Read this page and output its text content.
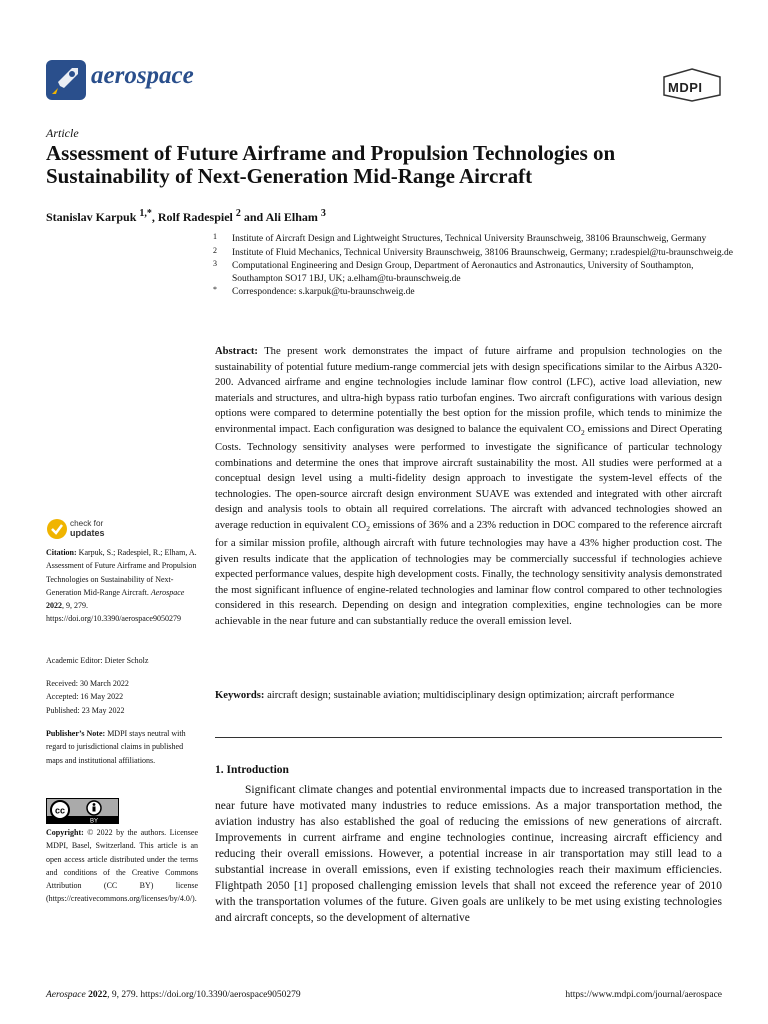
aerospace	MDPI
Article
Assessment of Future Airframe and Propulsion Technologies on Sustainability of Next-Generation Mid-Range Aircraft
Stanislav Karpuk $^{1,*}$, Rolf Radespiel $^2$ and Ali Elham $^3$
1 Institute of Aircraft Design and Lightweight Structures, Technical University Braunschweig, 38106 Braunschweig, Germany
2 Institute of Fluid Mechanics, Technical University Braunschweig, 38106 Braunschweig, Germany; r.radespiel@tu-braunschweig.de
3 Computational Engineering and Design Group, Department of Aeronautics and Astronautics, University of Southampton, Southampton SO17 1BJ, UK; a.elham@tu-braunschweig.de
* Correspondence: s.karpuk@tu-braunschweig.de
Abstract: The present work demonstrates the impact of future airframe and propulsion technologies on the sustainability of potential future medium-range commercial jets with design specifications similar to the Airbus A320-200. Advanced airframe and engine technologies include laminar flow control (LFC), active load alleviation, new materials and structures, and ultra-high bypass ratio turbofan engines. Two aircraft configurations with various design options were compared to determine potentially the best option for the mission profile, which tends to minimize the environmental impact. Each configuration was designed to balance the equivalent $CO_2$ emissions and Direct Operating Costs. Technology sensitivity analyses were performed to investigate the significance of particular technology combinations and determine the ones that improve aircraft sustainability the most. All studies were performed at a conceptual design level using a multi-fidelity design approach to investigate the system-level effects of the technologies. The open-source aircraft design environment SUAVE was extended and integrated with other aircraft design and analysis tools to obtain all required correlations. The aircraft with advanced technologies showed an average reduction in equivalent $CO_2$ emissions of 36% and a 23% reduction in DOC compared to the reference aircraft for a similar mission profile, although aircraft with future technologies may have a 43% higher production cost. The given results indicate that the application of technologies may be commercially successful if technologies achieve expected performance values, despite high development costs. Finally, the technology sensitivity analysis demonstrated the most significant influence of engine-related technologies and laminar flow control compared to other technologies considered in this research. Depending on design and integration complexities, engine technologies can be more achievable in the near future and can substantially reduce the overall emission level.
Keywords: aircraft design; sustainable aviation; multidisciplinary design optimization; aircraft performance
1. Introduction
Significant climate changes and potential environmental impacts due to increased transportation in the near future have motivated many industries to reduce emissions. As a major transportation method, the aviation industry has also established the goal of reducing the emissions of new generations of aircraft. Improvements in current airframe and engine technologies continue, increasing aircraft efficiency and reducing their overall emissions. However, a potential increase in air transportation may still lead to a substantial increase in overall emissions, even if existing technologies reach their maximum efficiencies. Flightpath 2050 [1] proposed challenging emission levels that shall not exceed the reference year of 2010 with the transportation volumes of the future. Given goals are unlikely to be met using existing technologies and aircraft concepts, so the development of alternative
check for
updates
Citation: Karpuk, S.; Radespiel, R.; Elham, A. Assessment of Future Airframe and Propulsion Technologies on Sustainability of Next-Generation Mid-Range Aircraft. Aerospace 2022, 9, 279. https://doi.org/10.3390/aerospace9050279
Academic Editor: Dieter Scholz
Received: 30 March 2022
Accepted: 16 May 2022
Published: 23 May 2022
Publisher’s Note: MDPI stays neutral with regard to jurisdictional claims in published maps and institutional affiliations.
cc
BY
Copyright: © 2022 by the authors. Licensee MDPI, Basel, Switzerland. This article is an open access article distributed under the terms and conditions of the Creative Commons Attribution (CC BY) license (https://creativecommons.org/licenses/by/4.0/).
Aerospace 2022, 9, 279. https://doi.org/10.3390/aerospace9050279	https://www.mdpi.com/journal/aerospace
